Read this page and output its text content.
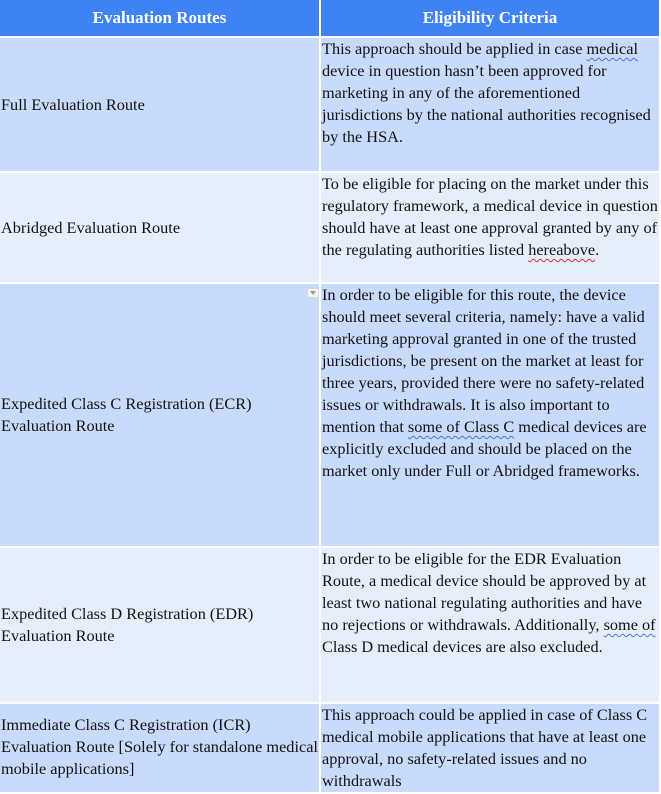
Evaluation Routes	Eligibility Criteria
Full Evaluation Route	This approach should be applied in case medical device in question hasn’t been approved for marketing in any of the aforementioned jurisdictions by the national authorities recognised by the HSA.
Abridged Evaluation Route	To be eligible for placing on the market under this regulatory framework, a medical device in question should have at least one approval granted by any of the regulating authorities listed hereabove.
Expedited Class C Registration (ECR) Evaluation Route	In order to be eligible for this route, the device should meet several criteria, namely: have a valid marketing approval granted in one of the trusted jurisdictions, be present on the market at least for three years, provided there were no safety-related issues or withdrawals. It is also important to mention that some of Class C medical devices are explicitly excluded and should be placed on the market only under Full or Abridged frameworks.
Expedited Class D Registration (EDR) Evaluation Route	In order to be eligible for the EDR Evaluation Route, a medical device should be approved by at least two national regulating authorities and have no rejections or withdrawals. Additionally, some of Class D medical devices are also excluded.
Immediate Class C Registration (ICR) Evaluation Route [Solely for standalone medical mobile applications]	This approach could be applied in case of Class C medical mobile applications that have at least one approval, no safety-related issues and no withdrawals
